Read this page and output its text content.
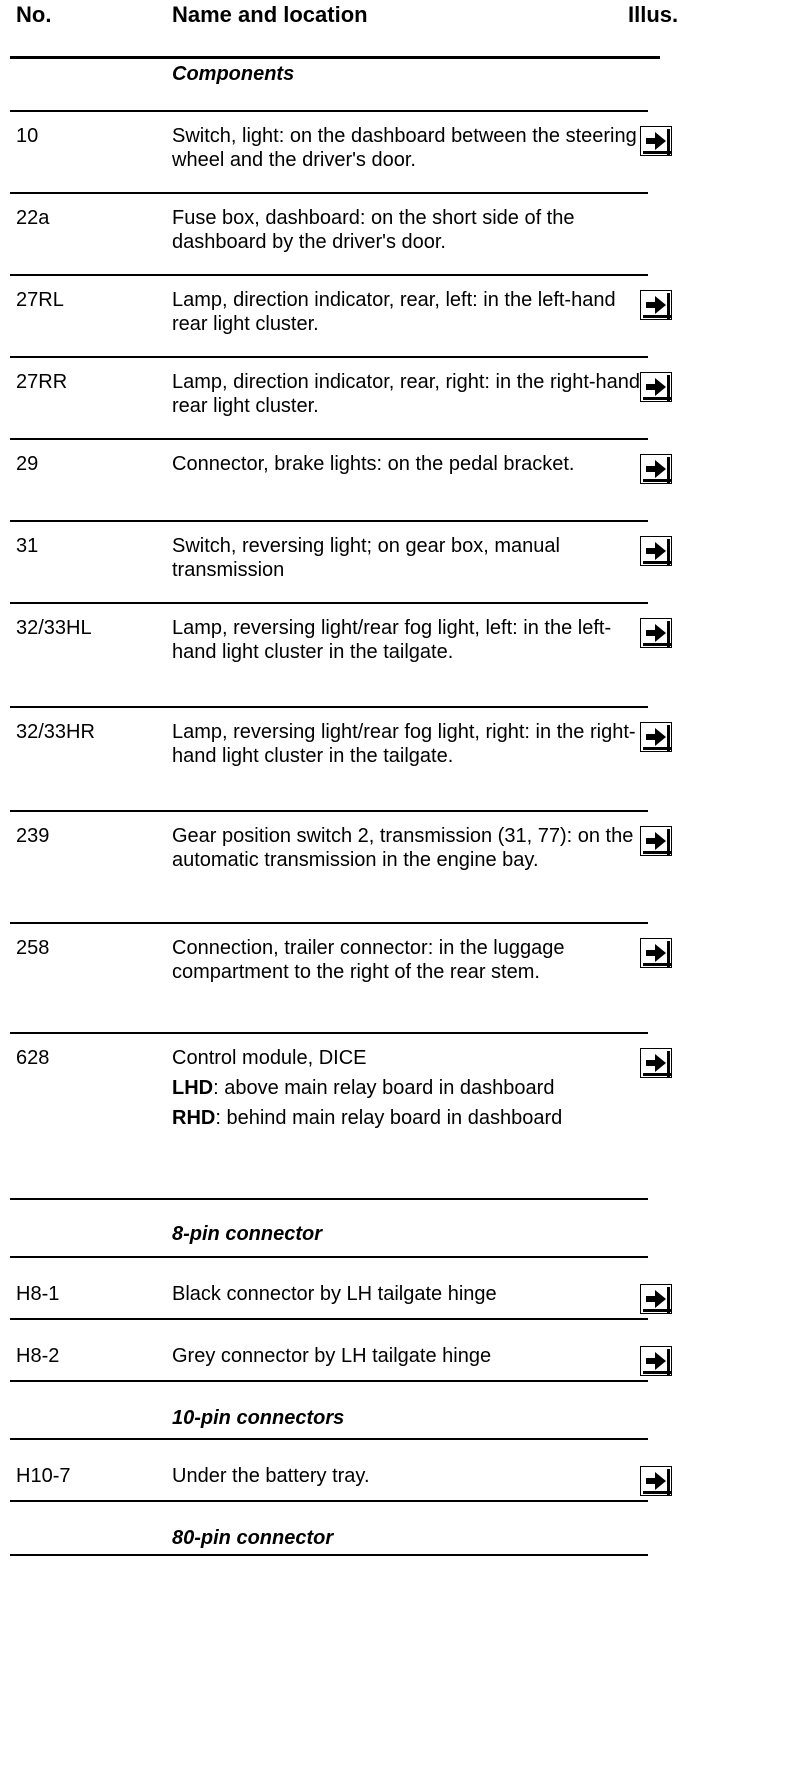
No.	Name and location	Illus.
Components
10	Switch, light: on the dashboard between the steering wheel and the driver's door.
22a	Fuse box, dashboard: on the short side of the dashboard by the driver's door.
27RL	Lamp, direction indicator, rear, left: in the left-hand rear light cluster.
27RR	Lamp, direction indicator, rear, right: in the right-hand rear light cluster.
29	Connector, brake lights: on the pedal bracket.
31	Switch, reversing light; on gear box, manual transmission
32/33HL	Lamp, reversing light/rear fog light, left: in the left-hand light cluster in the tailgate.
32/33HR	Lamp, reversing light/rear fog light, right: in the right-hand light cluster in the tailgate.
239	Gear position switch 2, transmission (31, 77): on the automatic transmission in the engine bay.
258	Connection, trailer connector: in the luggage compartment to the right of the rear stem.
628	Control module, DICE
LHD: above main relay board in dashboard
RHD: behind main relay board in dashboard
8-pin connector
H8-1	Black connector by LH tailgate hinge
H8-2	Grey connector by LH tailgate hinge
10-pin connectors
H10-7	Under the battery tray.
80-pin connector
